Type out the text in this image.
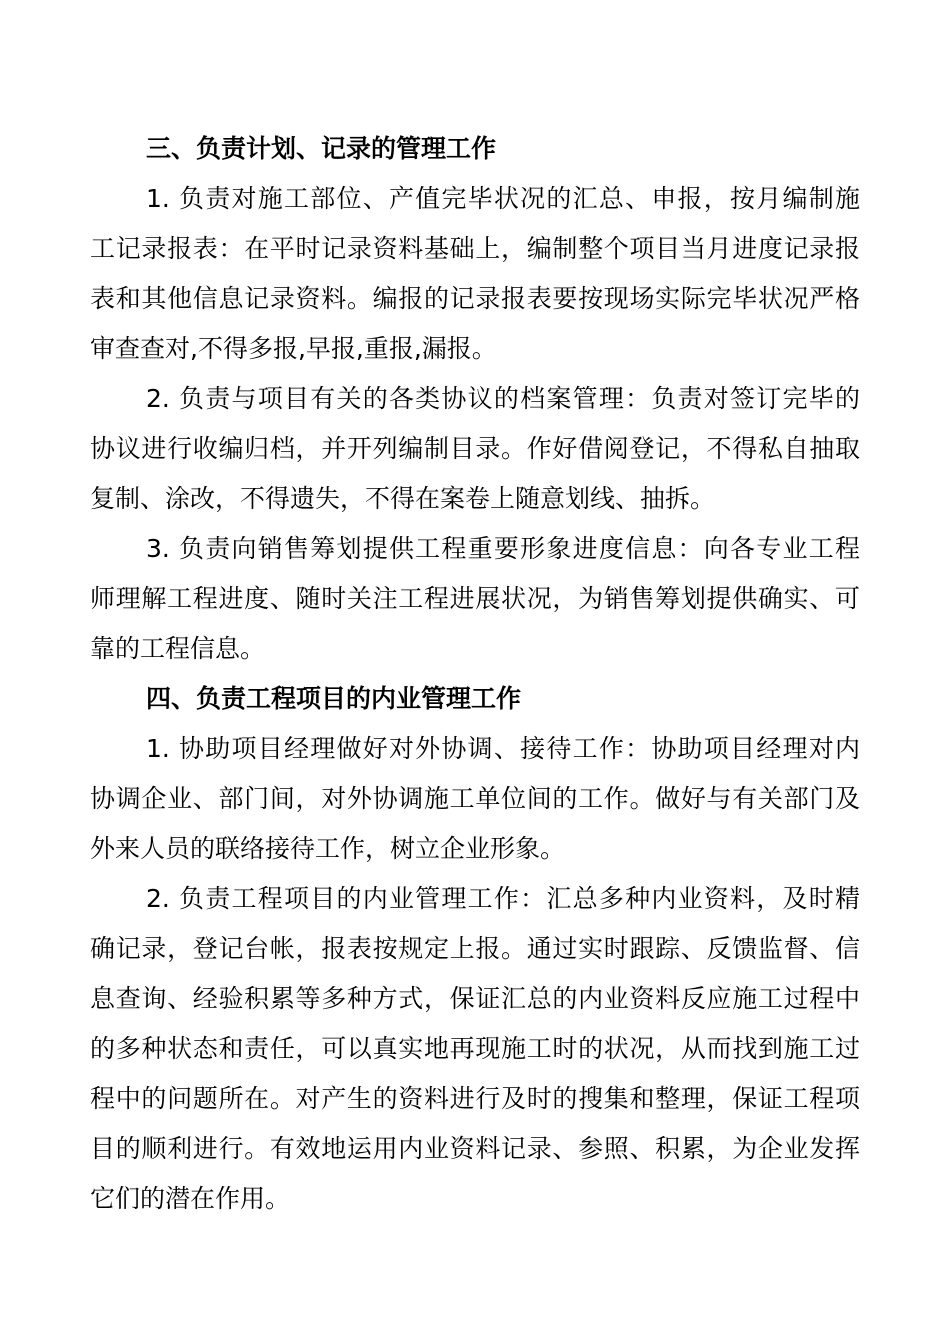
三、负责计划、记录的管理工作
1. 负责对施工部位、产值完毕状况的汇总、申报，按月编制施
工记录报表：在平时记录资料基础上，编制整个项目当月进度记录报
表和其他信息记录资料。编报的记录报表要按现场实际完毕状况严格
审查查对,不得多报,早报,重报,漏报。
2. 负责与项目有关的各类协议的档案管理：负责对签订完毕的
协议进行收编归档，并开列编制目录。作好借阅登记，不得私自抽取
复制、涂改，不得遗失，不得在案卷上随意划线、抽拆。
3. 负责向销售筹划提供工程重要形象进度信息：向各专业工程
师理解工程进度、随时关注工程进展状况，为销售筹划提供确实、可
靠的工程信息。
四、负责工程项目的内业管理工作
1. 协助项目经理做好对外协调、接待工作：协助项目经理对内
协调企业、部门间，对外协调施工单位间的工作。做好与有关部门及
外来人员的联络接待工作，树立企业形象。
2. 负责工程项目的内业管理工作：汇总多种内业资料，及时精
确记录，登记台帐，报表按规定上报。通过实时跟踪、反馈监督、信
息查询、经验积累等多种方式，保证汇总的内业资料反应施工过程中
的多种状态和责任，可以真实地再现施工时的状况，从而找到施工过
程中的问题所在。对产生的资料进行及时的搜集和整理，保证工程项
目的顺利进行。有效地运用内业资料记录、参照、积累，为企业发挥
它们的潜在作用。
